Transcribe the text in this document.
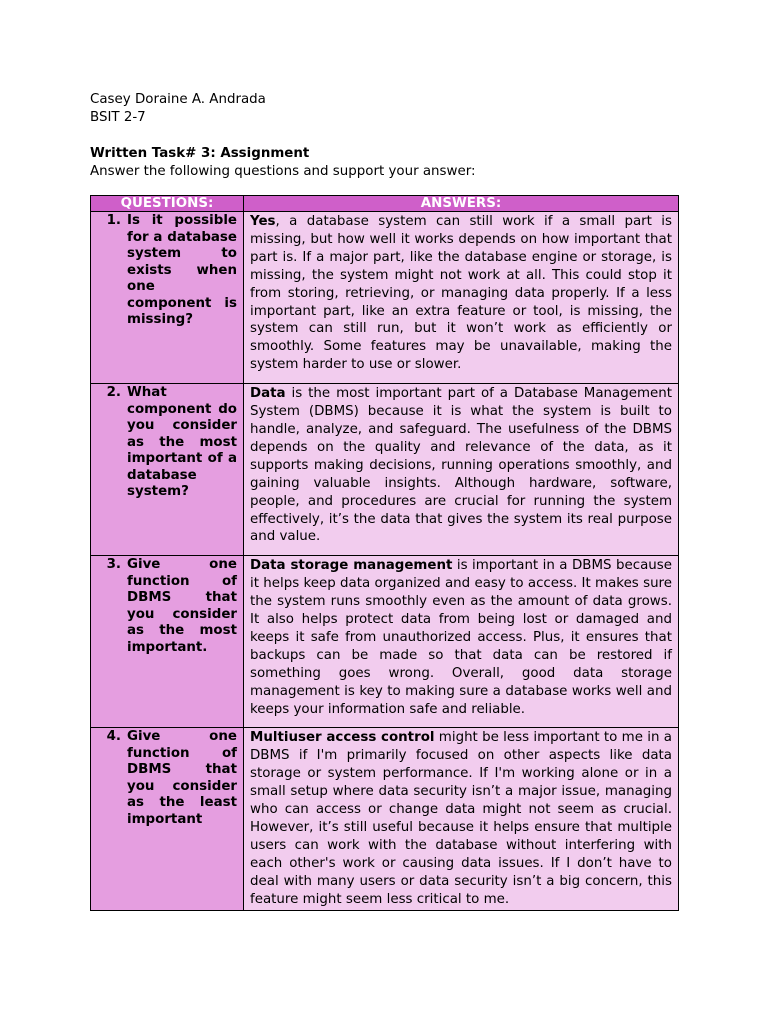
Casey Doraine A. Andrada
BSIT 2-7
Written Task# 3: Assignment
Answer the following questions and support your answer:
QUESTIONS:	ANSWERS:

1. Is it possible for a database system to exists when one component is missing?	Yes, a database system can still work if a small part is missing, but how well it works depends on how important that part is. If a major part, like the database engine or storage, is missing, the system might not work at all. This could stop it from storing, retrieving, or managing data properly. If a less important part, like an extra feature or tool, is missing, the system can still run, but it won’t work as efficiently or smoothly. Some features may be unavailable, making the system harder to use or slower.

2. What component do you consider as the most important of a database system?	Data is the most important part of a Database Management System (DBMS) because it is what the system is built to handle, analyze, and safeguard. The usefulness of the DBMS depends on the quality and relevance of the data, as it supports making decisions, running operations smoothly, and gaining valuable insights. Although hardware, software, people, and procedures are crucial for running the system effectively, it’s the data that gives the system its real purpose and value.

3. Give one function of DBMS that you consider as the most important.	Data storage management is important in a DBMS because it helps keep data organized and easy to access. It makes sure the system runs smoothly even as the amount of data grows. It also helps protect data from being lost or damaged and keeps it safe from unauthorized access. Plus, it ensures that backups can be made so that data can be restored if something goes wrong. Overall, good data storage management is key to making sure a database works well and keeps your information safe and reliable.

4. Give one function of DBMS that you consider as the least important	Multiuser access control might be less important to me in a DBMS if I'm primarily focused on other aspects like data storage or system performance. If I'm working alone or in a small setup where data security isn’t a major issue, managing who can access or change data might not seem as crucial. However, it’s still useful because it helps ensure that multiple users can work with the database without interfering with each other's work or causing data issues. If I don’t have to deal with many users or data security isn’t a big concern, this feature might seem less critical to me.
